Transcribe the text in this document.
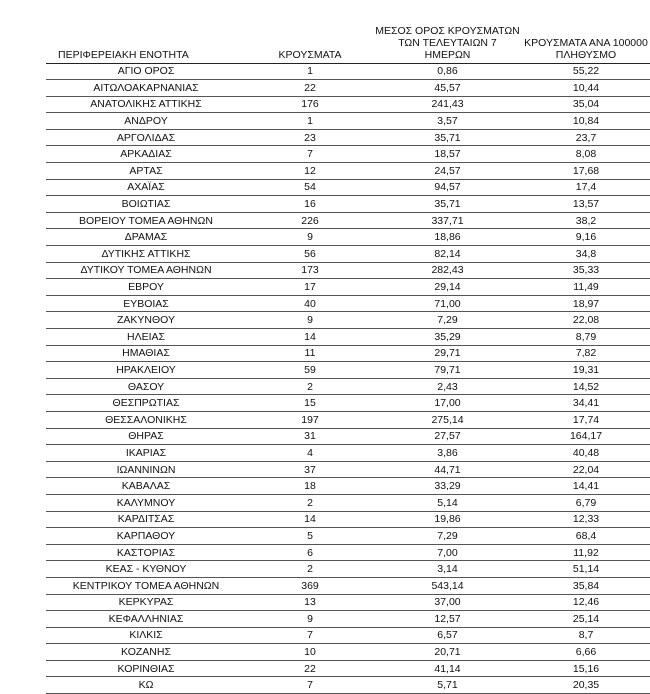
ΠΕΡΙΦΕΡΕΙΑΚΗ ΕΝΟΤΗΤΑ	ΚΡΟΥΣΜΑΤΑ	ΜΕΣΟΣ ΟΡΟΣ ΚΡΟΥΣΜΑΤΩΝ ΤΩΝ ΤΕΛΕΥΤΑΙΩΝ 7 ΗΜΕΡΩΝ	ΚΡΟΥΣΜΑΤΑ ΑΝΑ 100000 ΠΛΗΘΥΣΜΟ
ΑΓΙΟ ΟΡΟΣ	1	0,86	55,22
ΑΙΤΩΛΟΑΚΑΡΝΑΝΙΑΣ	22	45,57	10,44
ΑΝΑΤΟΛΙΚΗΣ ΑΤΤΙΚΗΣ	176	241,43	35,04
ΑΝΔΡΟΥ	1	3,57	10,84
ΑΡΓΟΛΙΔΑΣ	23	35,71	23,7
ΑΡΚΑΔΙΑΣ	7	18,57	8,08
ΑΡΤΑΣ	12	24,57	17,68
ΑΧΑΪΑΣ	54	94,57	17,4
ΒΟΙΩΤΙΑΣ	16	35,71	13,57
ΒΟΡΕΙΟΥ ΤΟΜΕΑ ΑΘΗΝΩΝ	226	337,71	38,2
ΔΡΑΜΑΣ	9	18,86	9,16
ΔΥΤΙΚΗΣ ΑΤΤΙΚΗΣ	56	82,14	34,8
ΔΥΤΙΚΟΥ ΤΟΜΕΑ ΑΘΗΝΩΝ	173	282,43	35,33
ΕΒΡΟΥ	17	29,14	11,49
ΕΥΒΟΙΑΣ	40	71,00	18,97
ΖΑΚΥΝΘΟΥ	9	7,29	22,08
ΗΛΕΙΑΣ	14	35,29	8,79
ΗΜΑΘΙΑΣ	11	29,71	7,82
ΗΡΑΚΛΕΙΟΥ	59	79,71	19,31
ΘΑΣΟΥ	2	2,43	14,52
ΘΕΣΠΡΩΤΙΑΣ	15	17,00	34,41
ΘΕΣΣΑΛΟΝΙΚΗΣ	197	275,14	17,74
ΘΗΡΑΣ	31	27,57	164,17
ΙΚΑΡΙΑΣ	4	3,86	40,48
ΙΩΑΝΝΙΝΩΝ	37	44,71	22,04
ΚΑΒΑΛΑΣ	18	33,29	14,41
ΚΑΛΥΜΝΟΥ	2	5,14	6,79
ΚΑΡΔΙΤΣΑΣ	14	19,86	12,33
ΚΑΡΠΑΘΟΥ	5	7,29	68,4
ΚΑΣΤΟΡΙΑΣ	6	7,00	11,92
ΚΕΑΣ - ΚΥΘΝΟΥ	2	3,14	51,14
ΚΕΝΤΡΙΚΟΥ ΤΟΜΕΑ ΑΘΗΝΩΝ	369	543,14	35,84
ΚΕΡΚΥΡΑΣ	13	37,00	12,46
ΚΕΦΑΛΛΗΝΙΑΣ	9	12,57	25,14
ΚΙΛΚΙΣ	7	6,57	8,7
ΚΟΖΑΝΗΣ	10	20,71	6,66
ΚΟΡΙΝΘΙΑΣ	22	41,14	15,16
ΚΩ	7	5,71	20,35
